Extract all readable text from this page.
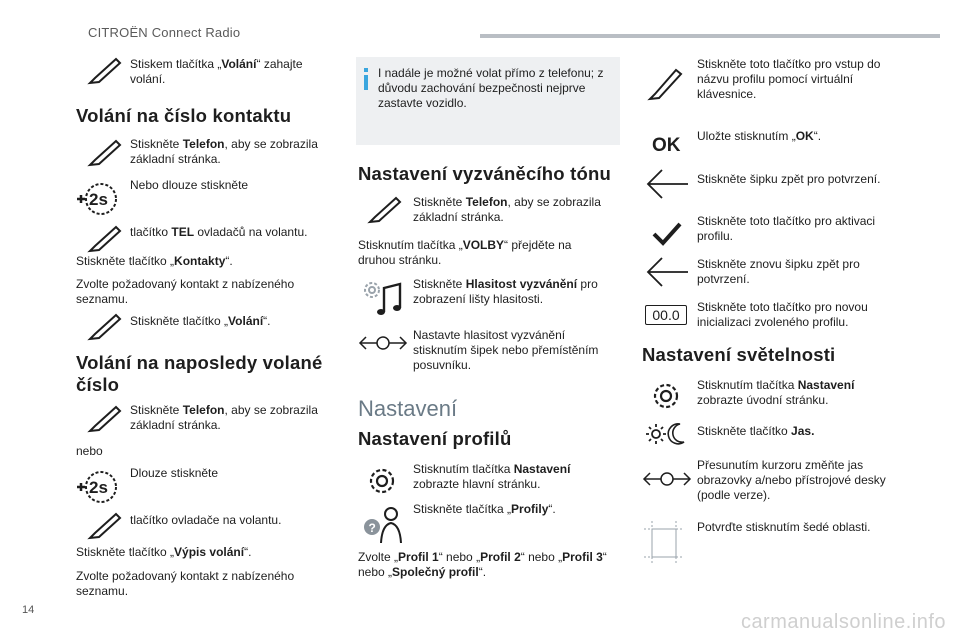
CITROËN Connect Radio
Stiskem tlačítka „Volání“ zahajte volání.
Volání na číslo kontaktu
Stiskněte Telefon, aby se zobrazila základní stránka.
2s
Nebo dlouze stiskněte
tlačítko TEL ovladačů na volantu.
Stiskněte tlačítko „Kontakty“.
Zvolte požadovaný kontakt z nabízeného seznamu.
Stiskněte tlačítko „Volání“.
Volání na naposledy volané číslo
Stiskněte Telefon, aby se zobrazila základní stránka.
nebo
2s
Dlouze stiskněte
tlačítko ovladače na volantu.
Stiskněte tlačítko „Výpis volání“.
Zvolte požadovaný kontakt z nabízeného seznamu.
I nadále je možné volat přímo z telefonu; z důvodu zachování bezpečnosti nejprve zastavte vozidlo.
Nastavení vyzváněcího tónu
Stiskněte Telefon, aby se zobrazila základní stránka.
Stisknutím tlačítka „VOLBY“ přejděte na druhou stránku.
Stiskněte Hlasitost vyzvánění pro zobrazení lišty hlasitosti.
Nastavte hlasitost vyzvánění stisknutím šipek nebo přemístěním posuvníku.
Nastavení
Nastavení profilů
Stisknutím tlačítka Nastavení zobrazte hlavní stránku.
?
Stiskněte tlačítka „Profily“.
Zvolte „Profil 1“ nebo „Profil 2“ nebo „Profil 3“ nebo „Společný profil“.
Stiskněte toto tlačítko pro vstup do názvu profilu pomocí virtuální klávesnice.
OK Uložte stisknutím „OK“.
Stiskněte šipku zpět pro potvrzení.
Stiskněte toto tlačítko pro aktivaci profilu.
Stiskněte znovu šipku zpět pro potvrzení.
00.0	Stiskněte toto tlačítko pro novou inicializaci zvoleného profilu.
Nastavení světelnosti
Stisknutím tlačítka Nastavení zobrazte úvodní stránku.
Stiskněte tlačítko Jas.
Přesunutím kurzoru změňte jas obrazovky a/nebo přístrojové desky (podle verze).
Potvrďte stisknutím šedé oblasti.
14
carmanualsonline.info
